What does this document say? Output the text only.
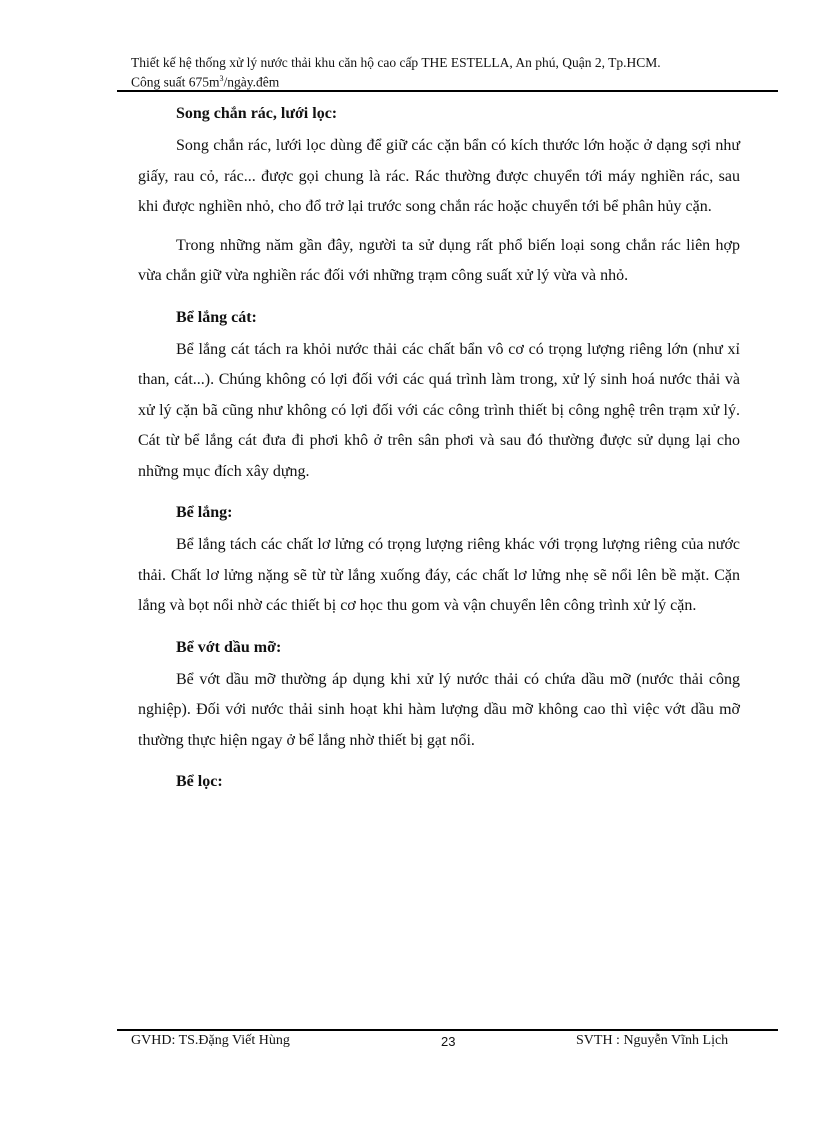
Thiết kế hệ thống xử lý nước thải khu căn hộ cao cấp THE ESTELLA, An phú, Quận 2, Tp.HCM.
Công suất $675m^3/ngày.đêm$
Song chắn rác, lưới lọc:

Song chắn rác, lưới lọc dùng để giữ các cặn bẩn có kích thước lớn hoặc ở dạng sợi như giấy, rau cỏ, rác... được gọi chung là rác. Rác thường được chuyển tới máy nghiền rác, sau khi được nghiền nhỏ, cho đổ trở lại trước song chắn rác hoặc chuyển tới bể phân hủy cặn.

Trong những năm gần đây, người ta sử dụng rất phổ biến loại song chắn rác liên hợp vừa chắn giữ vừa nghiền rác đối với những trạm công suất xử lý vừa và nhỏ.

Bể lắng cát:

Bể lắng cát tách ra khỏi nước thải các chất bẩn vô cơ có trọng lượng riêng lớn (như xỉ than, cát...). Chúng không có lợi đối với các quá trình làm trong, xử lý sinh hoá nước thải và xử lý cặn bã cũng như không có lợi đối với các công trình thiết bị công nghệ trên trạm xử lý. Cát từ bể lắng cát đưa đi phơi khô ở trên sân phơi và sau đó thường được sử dụng lại cho những mục đích xây dựng.

Bể lắng:

Bể lắng tách các chất lơ lửng có trọng lượng riêng khác với trọng lượng riêng của nước thải. Chất lơ lửng nặng sẽ từ từ lắng xuống đáy, các chất lơ lửng nhẹ sẽ nổi lên bề mặt. Cặn lắng và bọt nổi nhờ các thiết bị cơ học thu gom và vận chuyển lên công trình xử lý cặn.

Bể vớt dầu mỡ:

Bể vớt dầu mỡ thường áp dụng khi xử lý nước thải có chứa dầu mỡ (nước thải công nghiệp). Đối với nước thải sinh hoạt khi hàm lượng dầu mỡ không cao thì việc vớt dầu mỡ thường thực hiện ngay ở bể lắng nhờ thiết bị gạt nổi.

Bể lọc:
GVHD: TS.Đặng Viết Hùng	23	SVTH : Nguyễn Vĩnh Lịch
